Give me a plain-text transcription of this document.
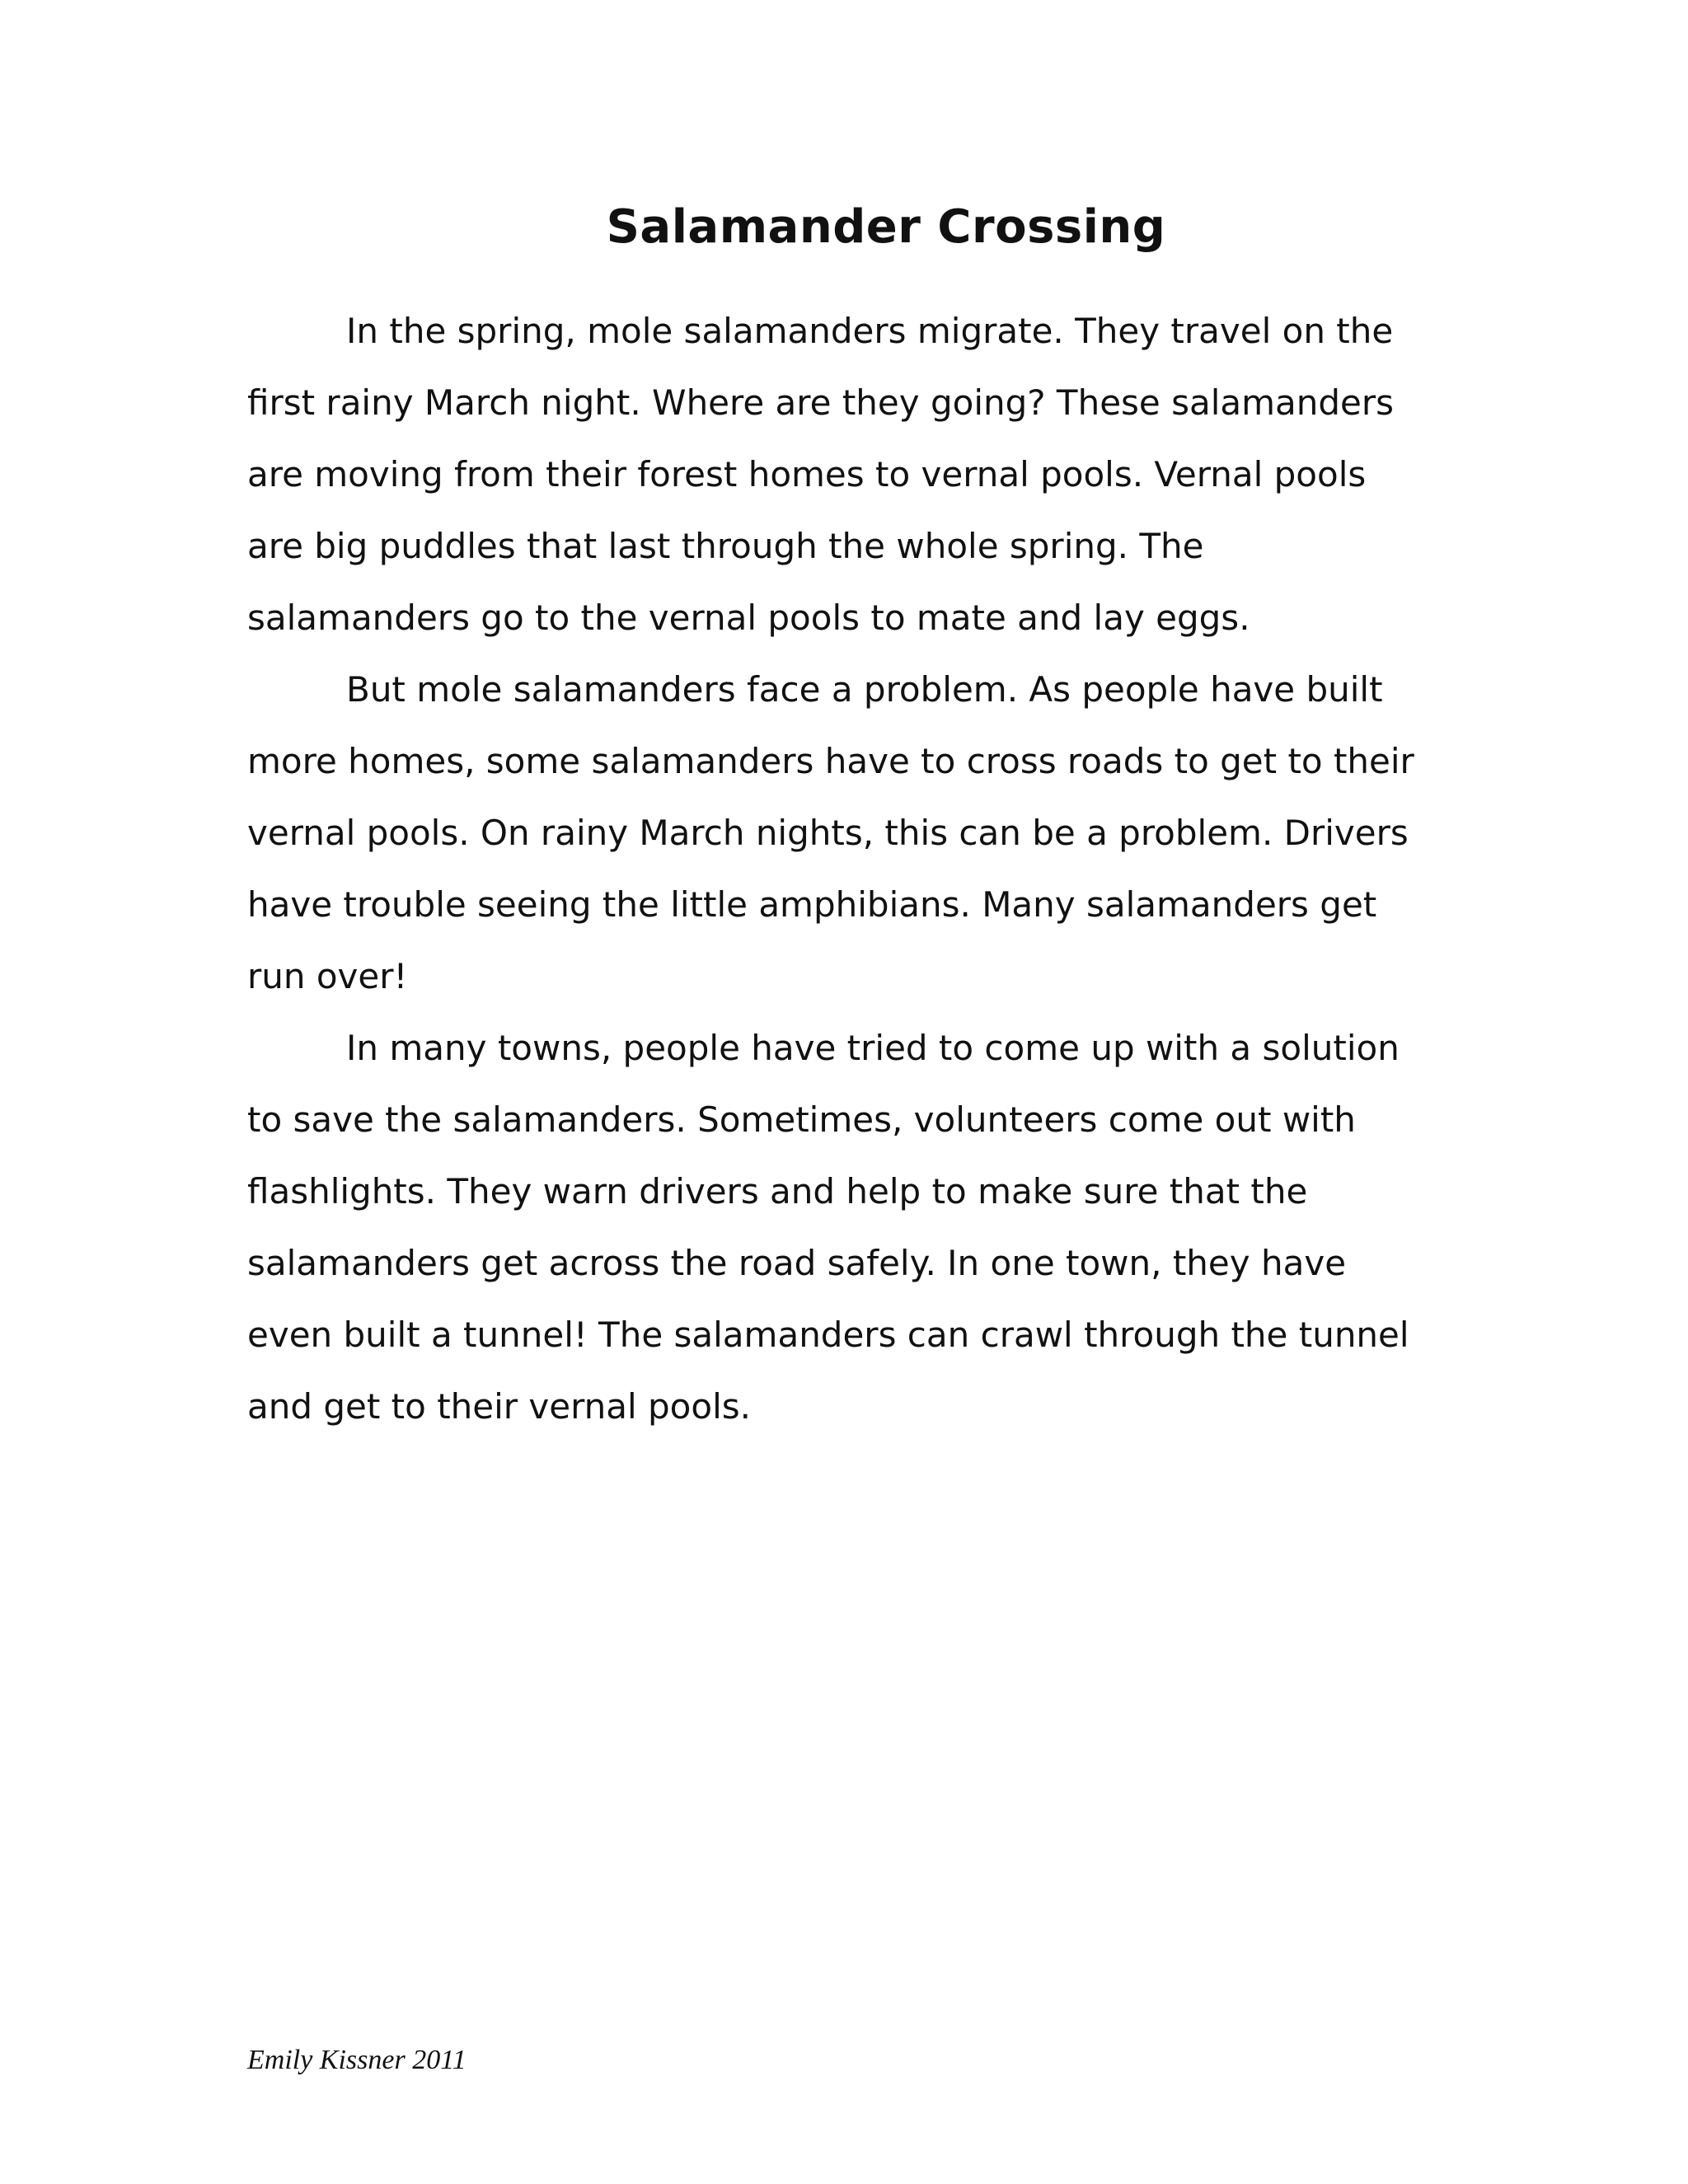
Salamander Crossing
In the spring, mole salamanders migrate. They travel on the
first rainy March night. Where are they going? These salamanders
are moving from their forest homes to vernal pools. Vernal pools
are big puddles that last through the whole spring. The
salamanders go to the vernal pools to mate and lay eggs.
But mole salamanders face a problem. As people have built
more homes, some salamanders have to cross roads to get to their
vernal pools. On rainy March nights, this can be a problem. Drivers
have trouble seeing the little amphibians. Many salamanders get
run over!
In many towns, people have tried to come up with a solution
to save the salamanders. Sometimes, volunteers come out with
flashlights. They warn drivers and help to make sure that the
salamanders get across the road safely. In one town, they have
even built a tunnel! The salamanders can crawl through the tunnel
and get to their vernal pools.

Emily Kissner 2011
